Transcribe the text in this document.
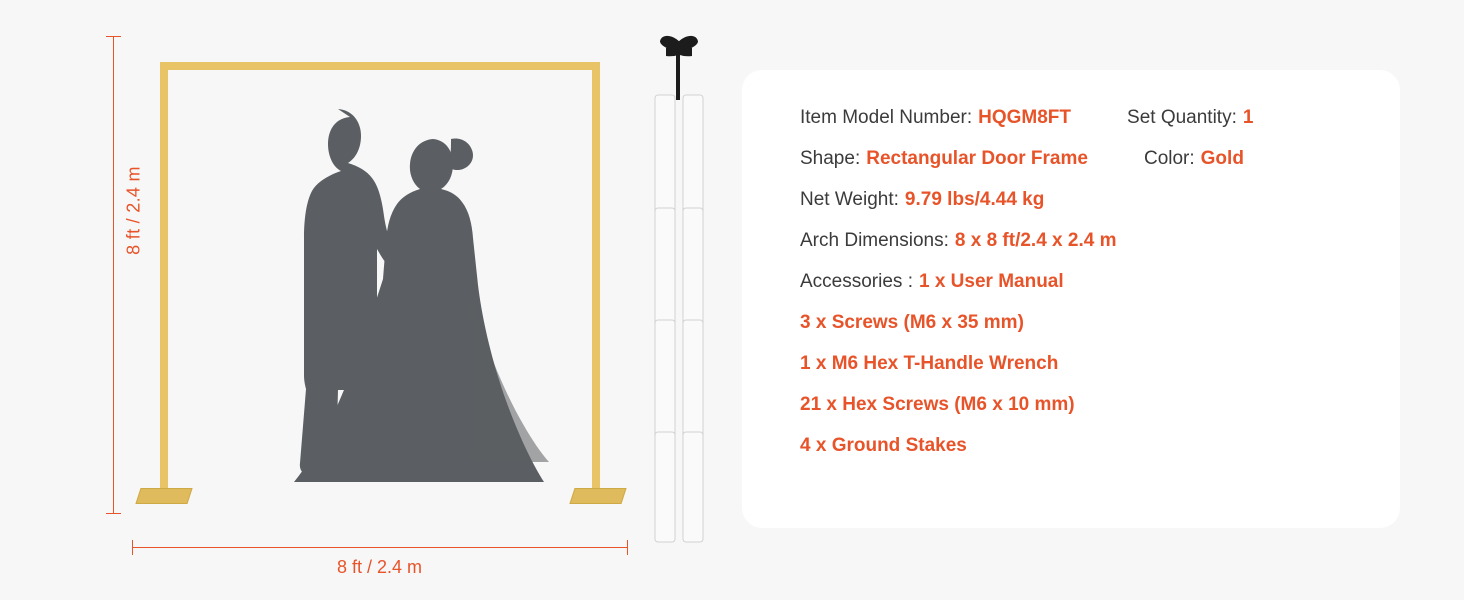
8 ft / 2.4 m
8 ft / 2.4 m
Item Model Number: HQGM8FT	Set Quantity: 1
Shape: Rectangular Door Frame	Color: Gold
Net Weight: 9.79 lbs/4.44 kg
Arch Dimensions: 8 x 8 ft/2.4 x 2.4 m
Accessories : 1 x User Manual
3 x Screws (M6 x 35 mm)
1 x M6 Hex T-Handle Wrench
21 x Hex Screws (M6 x 10 mm)
4 x Ground Stakes
